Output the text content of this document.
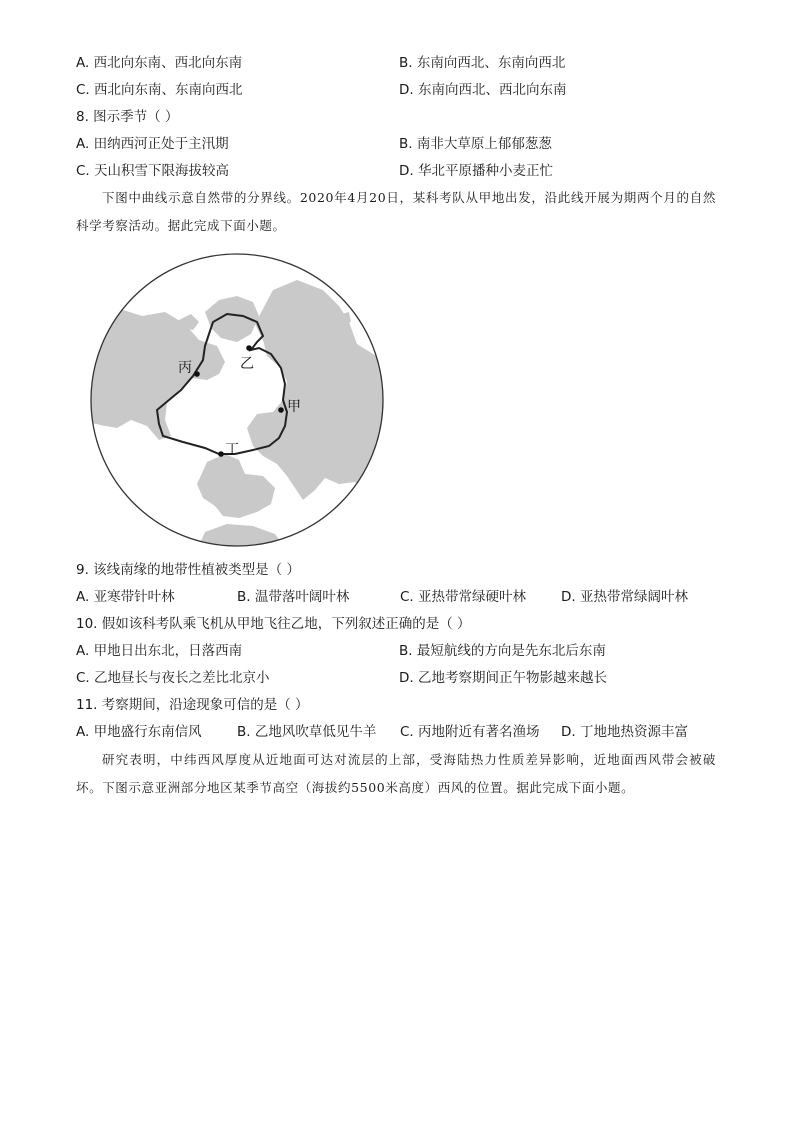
A. 西北向东南、西北向东南	B. 东南向西北、东南向西北
C. 西北向东南、东南向西北	D. 东南向西北、西北向东南
8. 图示季节（ ）
A. 田纳西河正处于主汛期	B. 南非大草原上郁郁葱葱
C. 天山积雪下限海拔较高	D. 华北平原播种小麦正忙
下图中曲线示意自然带的分界线。2020年4月20日，某科考队从甲地出发，沿此线开展为期两个月的自然科学考察活动。据此完成下面小题。
乙
丙
甲
丁
9. 该线南缘的地带性植被类型是（ ）
A. 亚寒带针叶林	B. 温带落叶阔叶林	C. 亚热带常绿硬叶林	D. 亚热带常绿阔叶林
10. 假如该科考队乘飞机从甲地飞往乙地，下列叙述正确的是（ ）
A. 甲地日出东北，日落西南	B. 最短航线的方向是先东北后东南
C. 乙地昼长与夜长之差比北京小	D. 乙地考察期间正午物影越来越长
11. 考察期间，沿途现象可信的是（ ）
A. 甲地盛行东南信风	B. 乙地风吹草低见牛羊 C. 丙地附近有著名渔场 D. 丁地地热资源丰富
研究表明，中纬西风厚度从近地面可达对流层的上部，受海陆热力性质差异影响，近地面西风带会被破坏。下图示意亚洲部分地区某季节高空（海拔约5500米高度）西风的位置。据此完成下面小题。
